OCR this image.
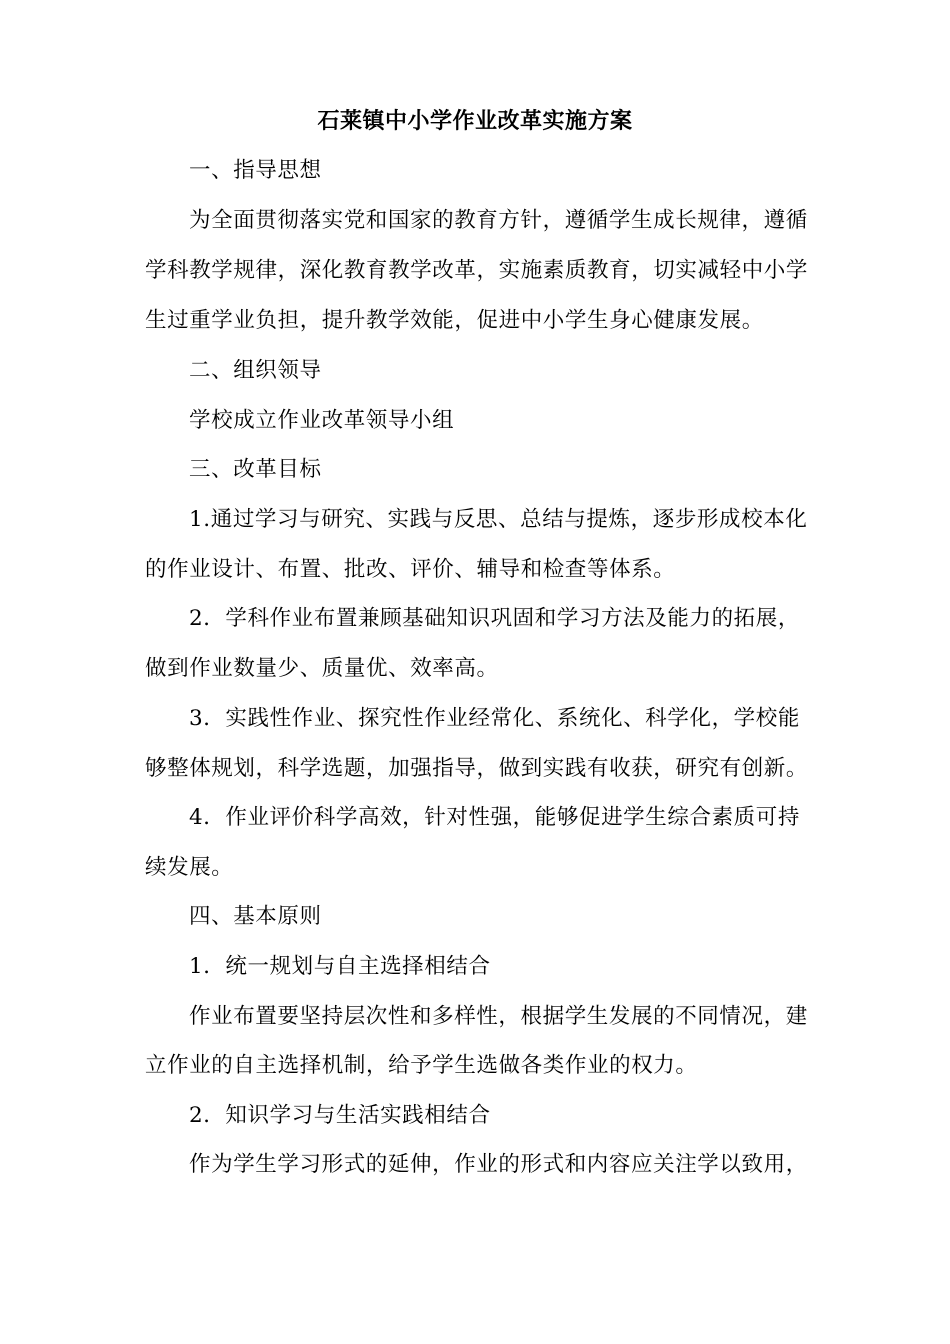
石莱镇中小学作业改革实施方案
一、指导思想
为全面贯彻落实党和国家的教育方针，遵循学生成长规律，遵循
学科教学规律，深化教育教学改革，实施素质教育，切实减轻中小学
生过重学业负担，提升教学效能，促进中小学生身心健康发展。
二、组织领导
学校成立作业改革领导小组
三、改革目标
1.通过学习与研究、实践与反思、总结与提炼，逐步形成校本化
的作业设计、布置、批改、评价、辅导和检查等体系。
2．学科作业布置兼顾基础知识巩固和学习方法及能力的拓展，
做到作业数量少、质量优、效率高。
3．实践性作业、探究性作业经常化、系统化、科学化，学校能
够整体规划，科学选题，加强指导，做到实践有收获，研究有创新。
4．作业评价科学高效，针对性强，能够促进学生综合素质可持
续发展。
四、基本原则
1．统一规划与自主选择相结合
作业布置要坚持层次性和多样性，根据学生发展的不同情况，建
立作业的自主选择机制，给予学生选做各类作业的权力。
2．知识学习与生活实践相结合
作为学生学习形式的延伸，作业的形式和内容应关注学以致用，
